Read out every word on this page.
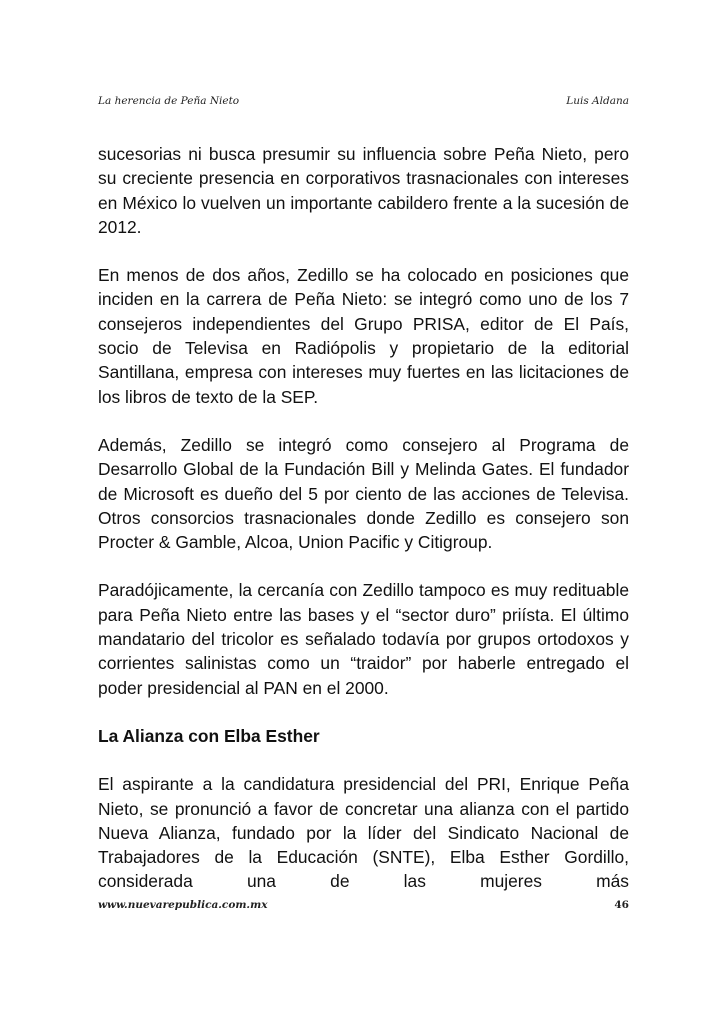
La herencia de Peña Nieto	Luis Aldana

sucesorias ni busca presumir su influencia sobre Peña Nieto, pero su creciente presencia en corporativos trasnacionales con intereses en México lo vuelven un importante cabildero frente a la sucesión de 2012.

En menos de dos años, Zedillo se ha colocado en posiciones que inciden en la carrera de Peña Nieto: se integró como uno de los 7 consejeros independientes del Grupo PRISA, editor de El País, socio de Televisa en Radiópolis y propietario de la editorial Santillana, empresa con intereses muy fuertes en las licitaciones de los libros de texto de la SEP.

Además, Zedillo se integró como consejero al Programa de Desarrollo Global de la Fundación Bill y Melinda Gates. El fundador de Microsoft es dueño del 5 por ciento de las acciones de Televisa. Otros consorcios trasnacionales donde Zedillo es consejero son Procter & Gamble, Alcoa, Union Pacific y Citigroup.

Paradójicamente, la cercanía con Zedillo tampoco es muy redituable para Peña Nieto entre las bases y el “sector duro” priísta. El último mandatario del tricolor es señalado todavía por grupos ortodoxos y corrientes salinistas como un “traidor” por haberle entregado el poder presidencial al PAN en el 2000.

La Alianza con Elba Esther

El aspirante a la candidatura presidencial del PRI, Enrique Peña Nieto, se pronunció a favor de concretar una alianza con el partido Nueva Alianza, fundado por la líder del Sindicato Nacional de Trabajadores de la Educación (SNTE), Elba Esther Gordillo, considerada una de las mujeres más

www.nuevarepublica.com.mx	46
